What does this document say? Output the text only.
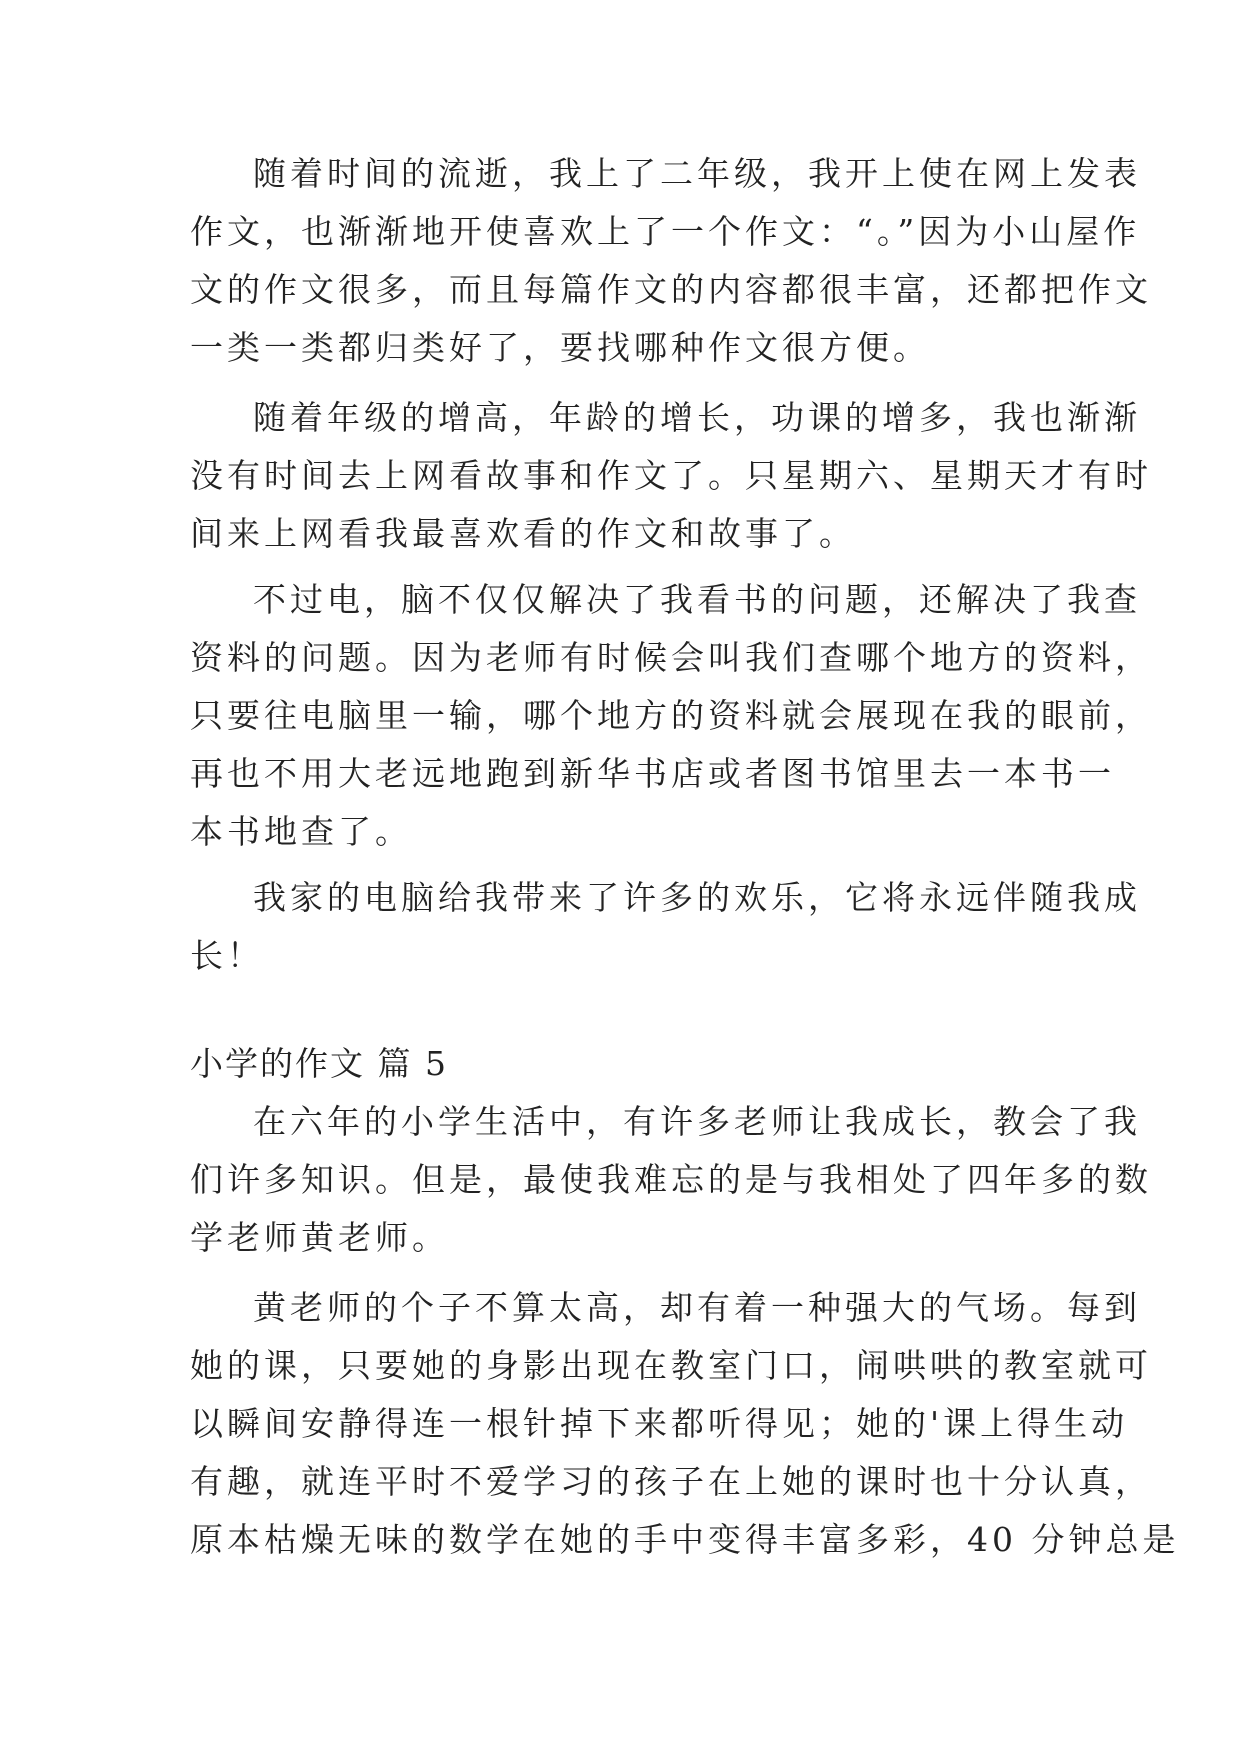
随着时间的流逝，我上了二年级，我开上使在网上发表
作文，也渐渐地开使喜欢上了一个作文：“。”因为小山屋作
文的作文很多，而且每篇作文的内容都很丰富，还都把作文
一类一类都归类好了，要找哪种作文很方便。
随着年级的增高，年龄的增长，功课的增多，我也渐渐
没有时间去上网看故事和作文了。只星期六、星期天才有时
间来上网看我最喜欢看的作文和故事了。
不过电，脑不仅仅解决了我看书的问题，还解决了我查
资料的问题。因为老师有时候会叫我们查哪个地方的资料，
只要往电脑里一输，哪个地方的资料就会展现在我的眼前，
再也不用大老远地跑到新华书店或者图书馆里去一本书一
本书地查了。
我家的电脑给我带来了许多的欢乐，它将永远伴随我成
长！
小学的作文 篇 5
在六年的小学生活中，有许多老师让我成长，教会了我
们许多知识。但是，最使我难忘的是与我相处了四年多的数
学老师黄老师。
黄老师的个子不算太高，却有着一种强大的气场。每到
她的课，只要她的身影出现在教室门口，闹哄哄的教室就可
以瞬间安静得连一根针掉下来都听得见；她的'课上得生动
有趣，就连平时不爱学习的孩子在上她的课时也十分认真，
原本枯燥无味的数学在她的手中变得丰富多彩，40 分钟总是
